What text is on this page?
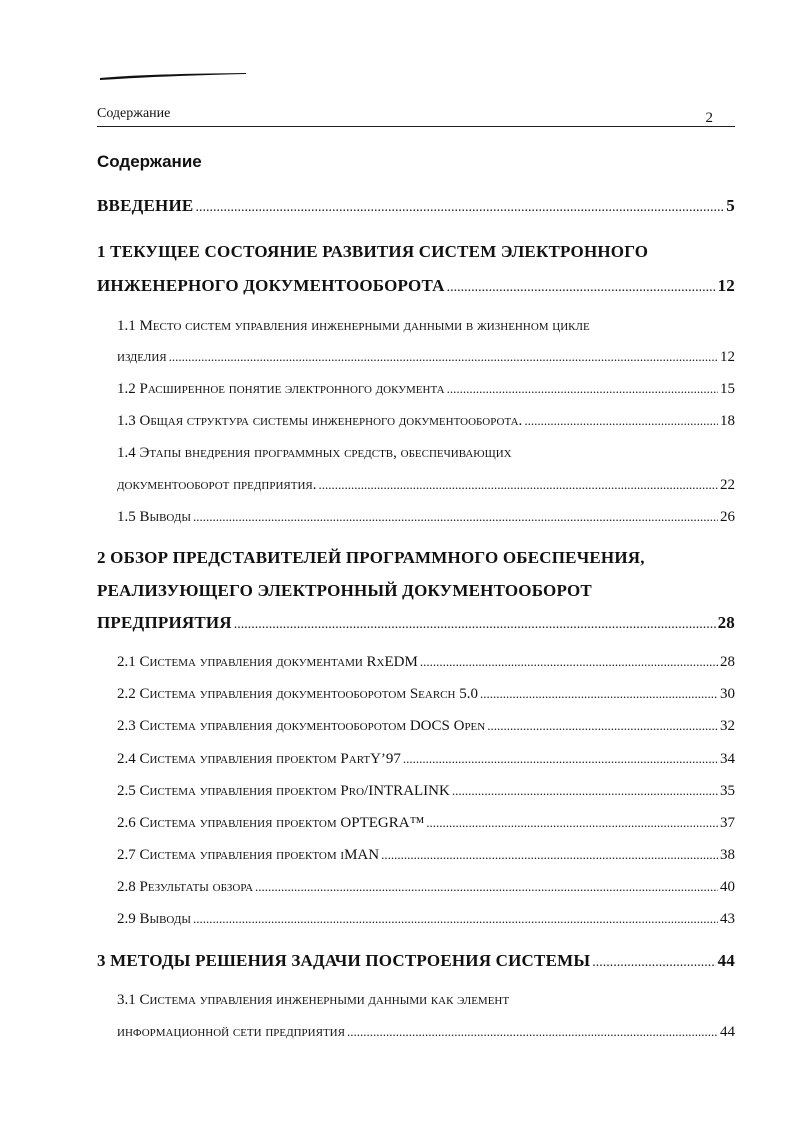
Содержание	2
Содержание
ВВЕДЕНИЕ .....	5
1 ТЕКУЩЕЕ СОСТОЯНИЕ РАЗВИТИЯ СИСТЕМ ЭЛЕКТРОННОГО
ИНЖЕНЕРНОГО ДОКУМЕНТООБОРОТА .....	12
1.1 Место систем управления инженерными данными в жизненном цикле
изделия .....	12
1.2 Расширенное понятие электронного документа .....	15
1.3 Общая структура системы инженерного документооборота. .....	18
1.4 Этапы внедрения программных средств, обеспечивающих
документооборот предприятия. .....	22
1.5 Выводы .....	26
2 ОБЗОР ПРЕДСТАВИТЕЛЕЙ ПРОГРАММНОГО ОБЕСПЕЧЕНИЯ,
РЕАЛИЗУЮЩЕГО ЭЛЕКТРОННЫЙ ДОКУМЕНТООБОРОТ
ПРЕДПРИЯТИЯ .....	28
2.1 Система управления документами RxEDM .....	28
2.2 Система управления документооборотом Search 5.0 .....	30
2.3 Система управления документооборотом DOCS Open .....	32
2.4 Система управления проектом PartY’97 .....	34
2.5 Система управления проектом Pro/INTRALINK .....	35
2.6 Система управления проектом OPTEGRA™ .....	37
2.7 Система управления проектом iMAN .....	38
2.8 Результаты обзора .....	40
2.9 Выводы .....	43
3 МЕТОДЫ РЕШЕНИЯ ЗАДАЧИ ПОСТРОЕНИЯ СИСТЕМЫ .....	44
3.1 Система управления инженерными данными как элемент
информационной сети предприятия .....	44
